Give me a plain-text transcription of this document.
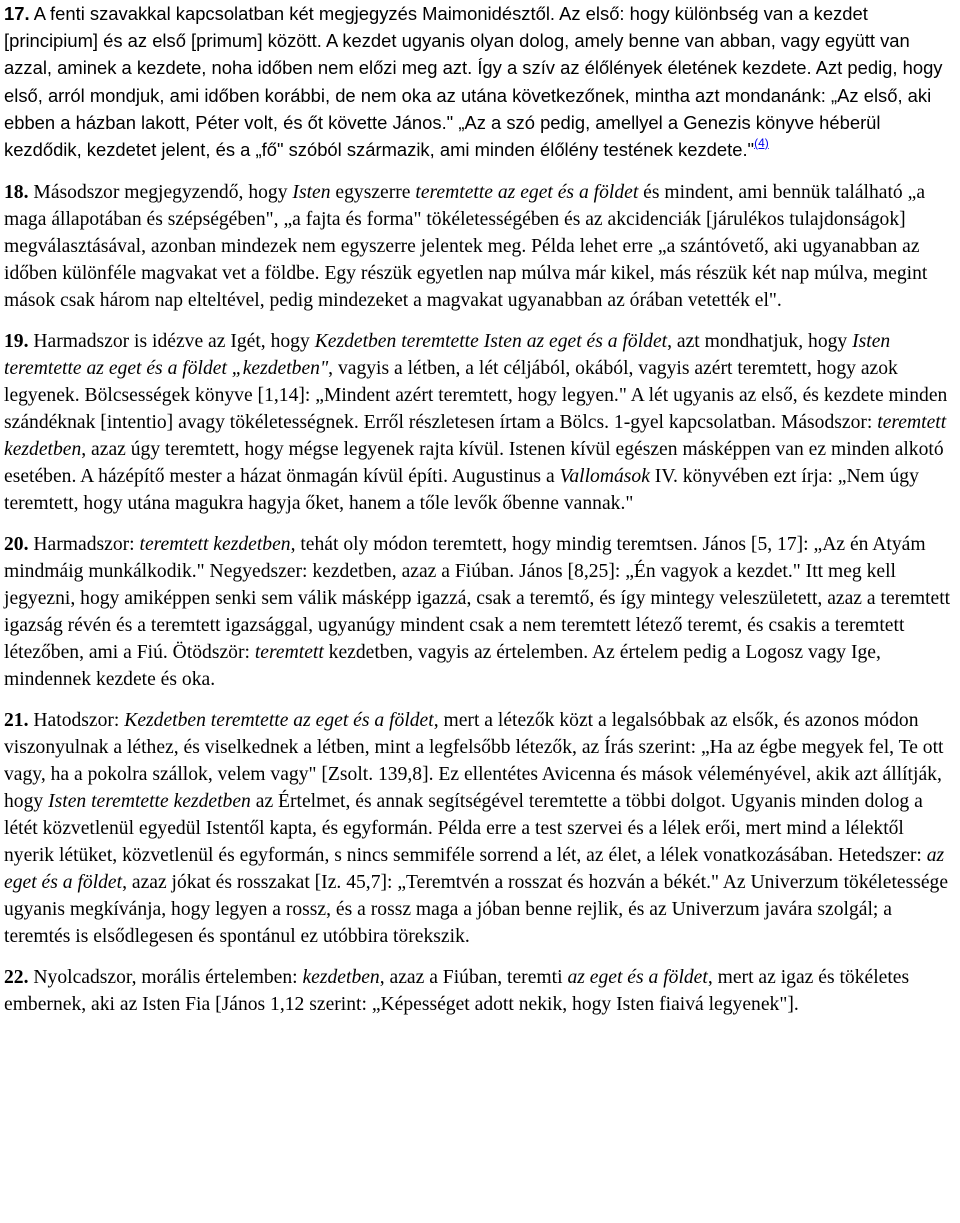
17. A fenti szavakkal kapcsolatban két megjegyzés Maimonidésztől. Az első: hogy különbség van a kezdet [principium] és az első [primum] között. A kezdet ugyanis olyan dolog, amely benne van abban, vagy együtt van azzal, aminek a kezdete, noha időben nem előzi meg azt. Így a szív az élőlények életének kezdete. Azt pedig, hogy első, arról mondjuk, ami időben korábbi, de nem oka az utána következőnek, mintha azt mondanánk: „Az első, aki ebben a házban lakott, Péter volt, és őt követte János." „Az a szó pedig, amellyel a Genezis könyve héberül kezdődik, kezdetet jelent, és a „fő" szóból származik, ami minden élőlény testének kezdete."$^{(4)}$

18. Másodszor megjegyzendő, hogy Isten egyszerre teremtette az eget és a földet és mindent, ami bennük található „a maga állapotában és szépségében", „a fajta és forma" tökéletességében és az akcidenciák [járulékos tulajdonságok] megválasztásával, azonban mindezek nem egyszerre jelentek meg. Példa lehet erre „a szántóvető, aki ugyanabban az időben különféle magvakat vet a földbe. Egy részük egyetlen nap múlva már kikel, más részük két nap múlva, megint mások csak három nap elteltével, pedig mindezeket a magvakat ugyanabban az órában vetették el".

19. Harmadszor is idézve az Igét, hogy Kezdetben teremtette Isten az eget és a földet, azt mondhatjuk, hogy Isten teremtette az eget és a földet „kezdetben", vagyis a létben, a lét céljából, okából, vagyis azért teremtett, hogy azok legyenek. Bölcsességek könyve [1,14]: „Mindent azért teremtett, hogy legyen." A lét ugyanis az első, és kezdete minden szándéknak [intentio] avagy tökéletességnek. Erről részletesen írtam a Bölcs. 1-gyel kapcsolatban. Másodszor: teremtett kezdetben, azaz úgy teremtett, hogy mégse legyenek rajta kívül. Istenen kívül egészen másképpen van ez minden alkotó esetében. A házépítő mester a házat önmagán kívül építi. Augustinus a Vallomások IV. könyvében ezt írja: „Nem úgy teremtett, hogy utána magukra hagyja őket, hanem a tőle levők őbenne vannak."

20. Harmadszor: teremtett kezdetben, tehát oly módon teremtett, hogy mindig teremtsen. János [5, 17]: „Az én Atyám mindmáig munkálkodik." Negyedszer: kezdetben, azaz a Fiúban. János [8,25]: „Én vagyok a kezdet." Itt meg kell jegyezni, hogy amiképpen senki sem válik másképp igazzá, csak a teremtő, és így mintegy veleszületett, azaz a teremtett igazság révén és a teremtett igazsággal, ugyanúgy mindent csak a nem teremtett létező teremt, és csakis a teremtett létezőben, ami a Fiú. Ötödször: teremtett kezdetben, vagyis az értelemben. Az értelem pedig a Logosz vagy Ige, mindennek kezdete és oka.

21. Hatodszor: Kezdetben teremtette az eget és a földet, mert a létezők közt a legalsóbbak az elsők, és azonos módon viszonyulnak a léthez, és viselkednek a létben, mint a legfelsőbb létezők, az Írás szerint: „Ha az égbe megyek fel, Te ott vagy, ha a pokolra szállok, velem vagy" [Zsolt. 139,8]. Ez ellentétes Avicenna és mások véleményével, akik azt állítják, hogy Isten teremtette kezdetben az Értelmet, és annak segítségével teremtette a többi dolgot. Ugyanis minden dolog a létét közvetlenül egyedül Istentől kapta, és egyformán. Példa erre a test szervei és a lélek erői, mert mind a lélektől nyerik létüket, közvetlenül és egyformán, s nincs semmiféle sorrend a lét, az élet, a lélek vonatkozásában. Hetedszer: az eget és a földet, azaz jókat és rosszakat [Iz. 45,7]: „Teremtvén a rosszat és hozván a békét." Az Univerzum tökéletessége ugyanis megkívánja, hogy legyen a rossz, és a rossz maga a jóban benne rejlik, és az Univerzum javára szolgál; a teremtés is elsődlegesen és spontánul ez utóbbira törekszik.

22. Nyolcadszor, morális értelemben: kezdetben, azaz a Fiúban, teremti az eget és a földet, mert az igaz és tökéletes embernek, aki az Isten Fia [János 1,12 szerint: „Képességet adott nekik, hogy Isten fiaivá legyenek"].
